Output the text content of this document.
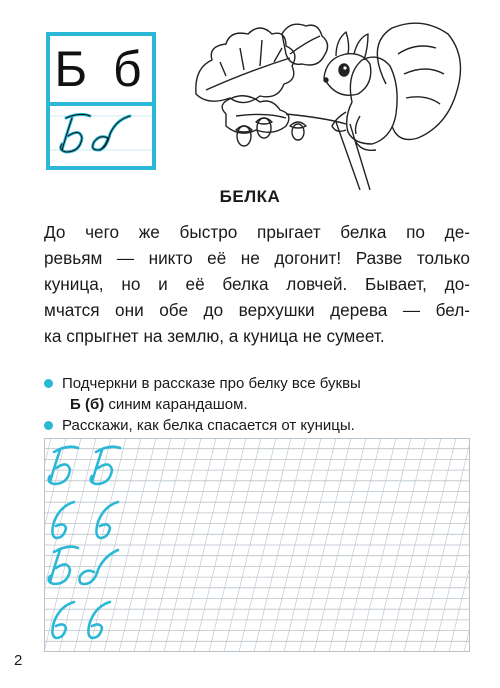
Б б
БЕЛКА
До чего же быстро прыгает белка по де-
ревьям — никто её не догонит! Разве только
куница, но и её белка ловчей. Бывает, до-
мчатся они обе до верхушки дерева — бел-
ка спрыгнет на землю, а куница не сумеет.
Подчеркни в рассказе про белку все буквы
Б (б) синим карандашом.
Расскажи, как белка спасается от куницы.
2
